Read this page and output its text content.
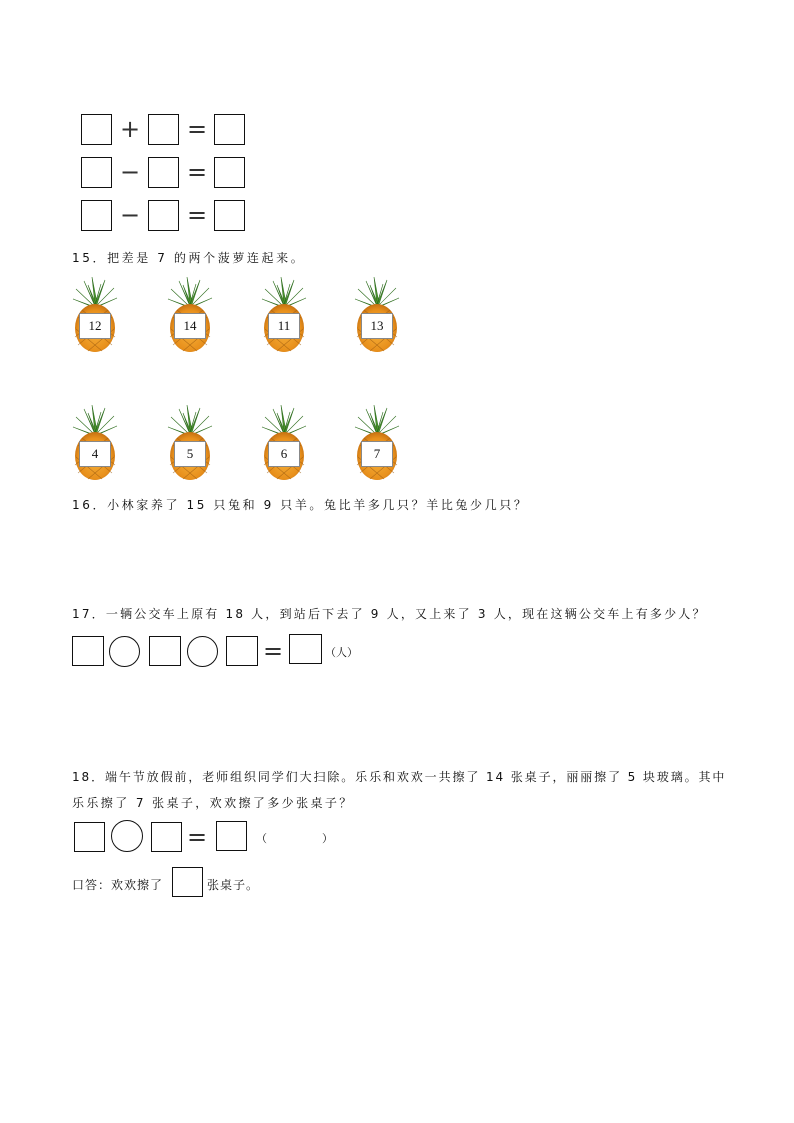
+ =
− =
− =
15．把差是 7 的两个菠萝连起来。
12	14	11	13
4	5	6	7
16．小林家养了 15 只兔和 9 只羊。兔比羊多几只？羊比兔少几只？
17．一辆公交车上原有 18 人，到站后下去了 9 人，又上来了 3 人，现在这辆公交车上有多少人？
=	（人）
18．端午节放假前，老师组织同学们大扫除。乐乐和欢欢一共擦了 14 张桌子，丽丽擦了 5 块玻璃。其中
乐乐擦了 7 张桌子，欢欢擦了多少张桌子？
=	（	）
口答：欢欢擦了	张桌子。
